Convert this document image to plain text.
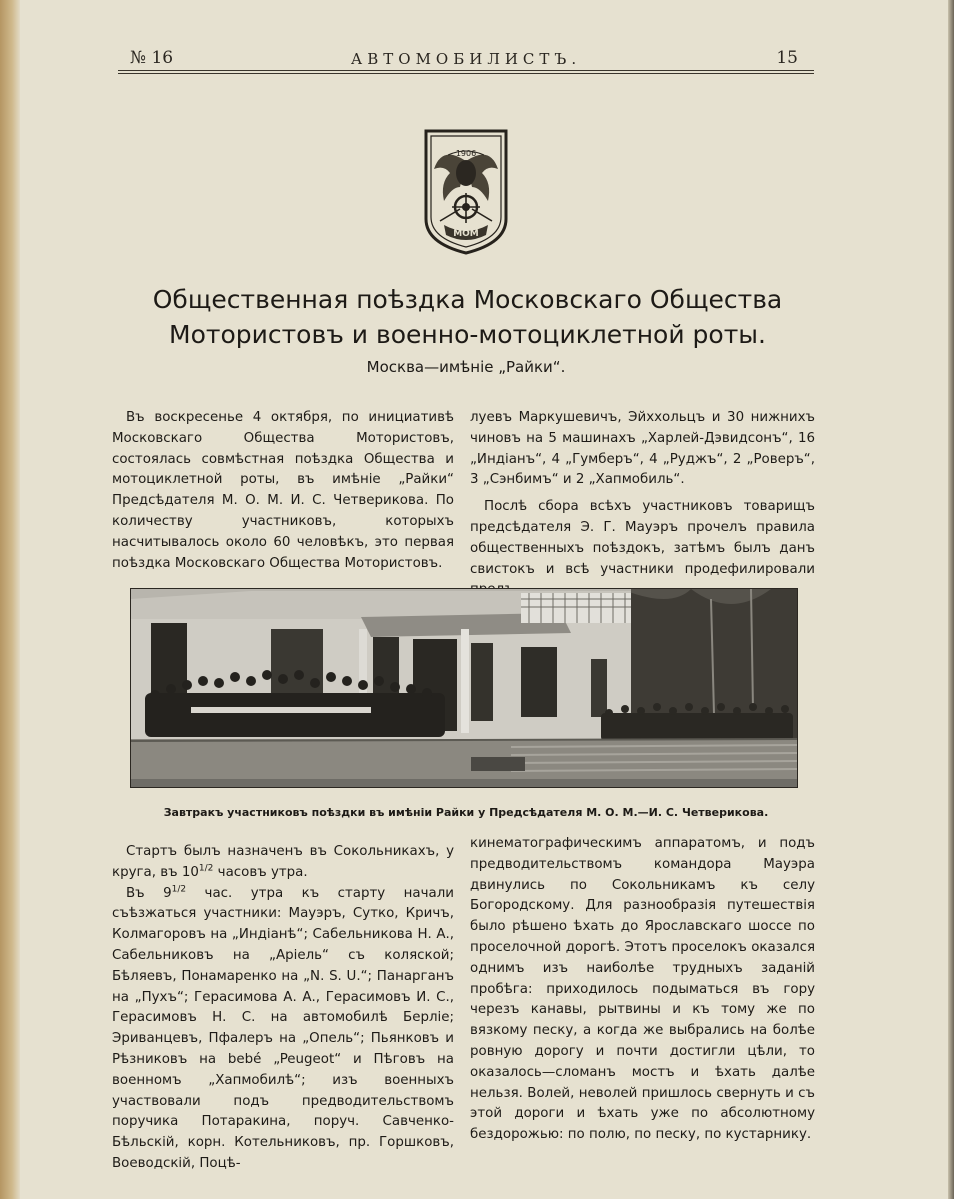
№ 16	АВТОМОБИЛИСТЪ.	15
МОМ
1906
Общественная поѣздка Московскаго Общества
Мотористовъ и военно-мотоциклетной роты.
Москва—имѣніе „Райки“.

Въ воскресенье 4 октября, по инициативѣ Московскаго Общества Мотористовъ, состоялась совмѣстная поѣздка Общества и мотоциклетной роты, въ имѣніе „Райки“ Предсѣдателя М. О. М. И. С. Четверикова. По количеству участниковъ, которыхъ насчитывалось около 60 человѣкъ, это первая поѣздка Московскаго Общества Мотористовъ.

луевъ Маркушевичъ, Эйххольцъ и 30 нижнихъ чиновъ на 5 машинахъ „Харлей-Дэвидсонъ“, 16 „Индіанъ“, 4 „Гумберъ“, 4 „Руджъ“, 2 „Роверъ“, 3 „Сэнбимъ“ и 2 „Хапмобиль“.

Послѣ сбора всѣхъ участниковъ товарищъ предсѣдателя Э. Г. Мауэръ прочелъ правила общественныхъ поѣздокъ, затѣмъ былъ данъ свистокъ и всѣ участники продефилировали

Завтракъ участниковъ поѣздки въ имѣніи Райки у Предсѣдателя М. О. М.—И. С. Четверикова.

Стартъ былъ назначенъ въ Сокольникахъ, у круга, въ $10^{1/2}$ часовъ утра.

Въ $9^{1/2}$ час. утра къ старту начали съѣзжаться участники: Мауэръ, Сутко, Кричъ, Колмагоровъ на „Индіанѣ“; Сабельникова Н. А., Сабельниковъ на „Аріель“ съ коляской; Бѣляевъ, Понамаренко на „N. S. U.“; Панарганъ на „Пухъ“; Герасимова А. А., Герасимовъ И. С., Герасимовъ Н. С. на автомобилѣ Берліе; Эриванцевъ, Пфалеръ на „Опель“; Пьянковъ и Рѣзниковъ на bebé „Peugeot“ и Пѣговъ на военномъ „Хапмобилѣ“; изъ военныхъ участвовали подъ предводительствомъ поручика Потаракина, поруч. Савченко-Бѣльскій, корн. Котельниковъ, пр. Горшковъ, Воеводскій, Поцѣ-

кинематографическимъ аппаратомъ, и подъ предводительствомъ командора Мауэра двинулись по Сокольникамъ къ селу Богородскому. Для разнообразія путешествія было рѣшено ѣхать до Ярославскаго шоссе по проселочной дорогѣ. Этотъ проселокъ оказался однимъ изъ наиболѣе трудныхъ заданій пробѣга: приходилось подыматься въ гору черезъ канавы, рытвины и къ тому же по вязкому песку, а когда же выбрались на болѣе ровную дорогу и почти достигли цѣли, то оказалось—сломанъ мостъ и ѣхать далѣе нельзя. Волей, неволей пришлось свернуть и съ этой дороги и ѣхать уже по абсолютному бездорожью: по полю, по песку, по кустарнику.
